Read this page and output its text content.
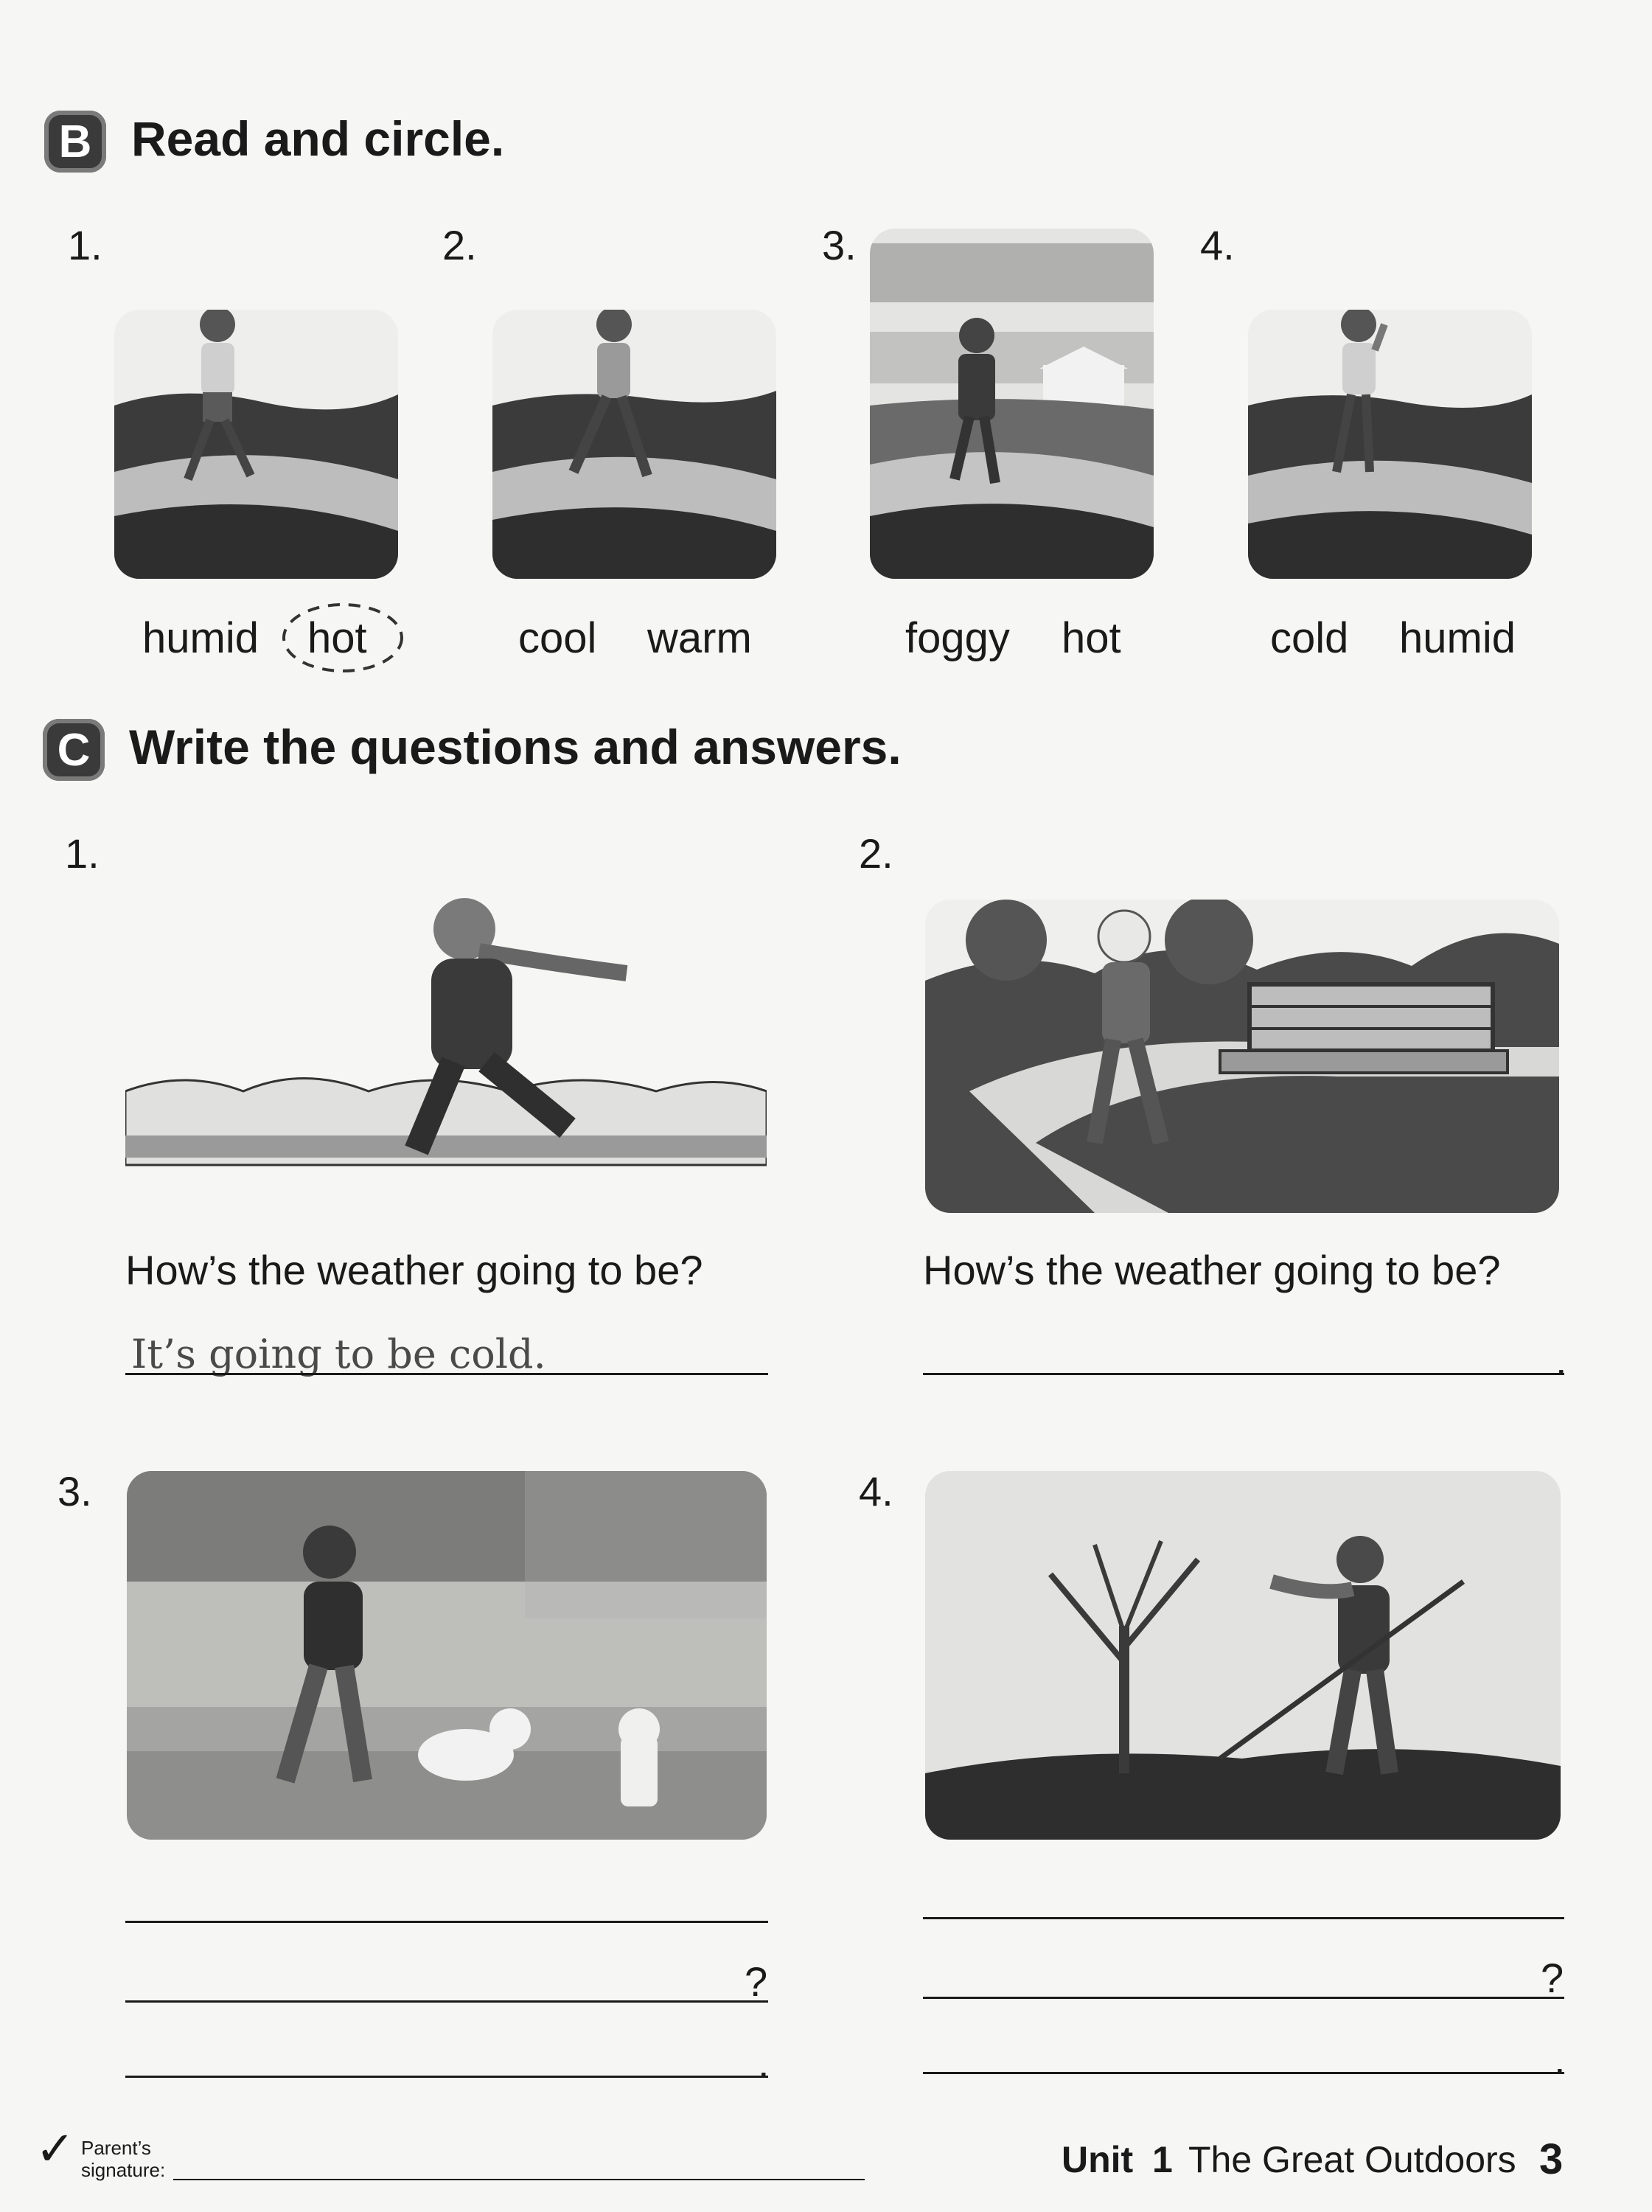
B Read and circle.
1.	2.	3.	4.
humid hot	cool warm	foggy hot	cold humid
C Write the questions and answers.
1.
How’s the weather going to be?
It’s going to be cold.
2.
How’s the weather going to be?
.
3.
?
.
4.
?
.
✓ Parent’s
signature:	Unit 1 The Great Outdoors 3
